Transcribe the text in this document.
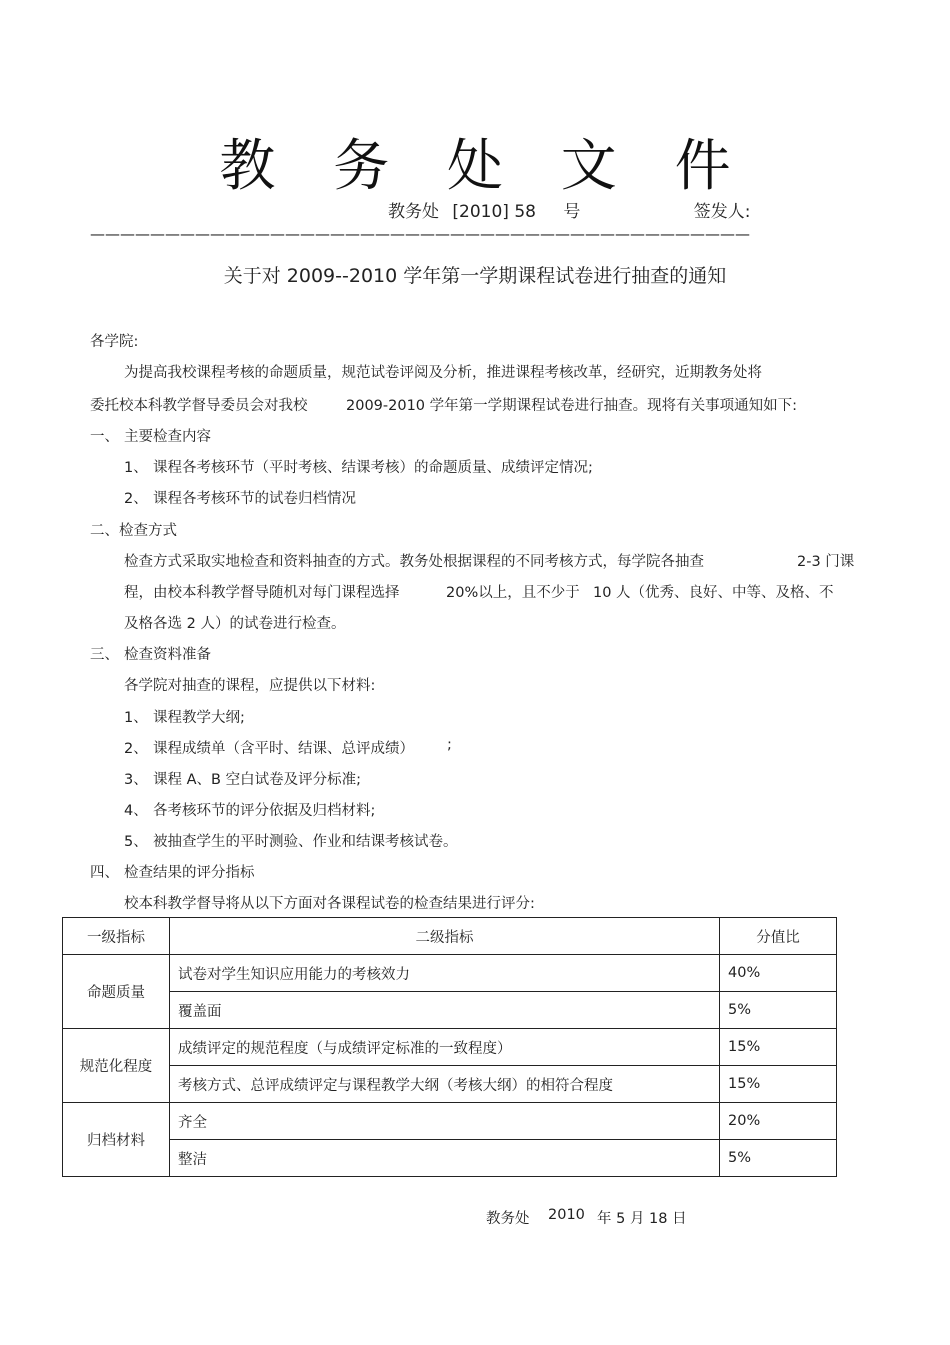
教 务 处 文 件
教务处 [2010] 58 号	签发人:
————————————————————————————————————————————
关于对 2009--2010 学年第一学期课程试卷进行抽查的通知
各学院:
为提高我校课程考核的命题质量，规范试卷评阅及分析，推进课程考核改革，经研究，近期教务处将
委托校本科教学督导委员会对我校	2009-2010 学年第一学期课程试卷进行抽查。现将有关事项通知如下:
一、 主要检查内容
1、 课程各考核环节（平时考核、结课考核）的命题质量、成绩评定情况;
2、 课程各考核环节的试卷归档情况
二、检查方式
检查方式采取实地检查和资料抽查的方式。教务处根据课程的不同考核方式，每学院各抽查	2-3 门课
程，由校本科教学督导随机对每门课程选择	20%以上，且不少于 10 人（优秀、良好、中等、及格、不
及格各选 2 人）的试卷进行检查。
三、 检查资料准备
各学院对抽查的课程，应提供以下材料:
1、 课程教学大纲;
2、 课程成绩单（含平时、结课、总评成绩） ;
3、 课程 A、B 空白试卷及评分标准;
4、 各考核环节的评分依据及归档材料;
5、 被抽查学生的平时测验、作业和结课考核试卷。
四、 检查结果的评分指标
校本科教学督导将从以下方面对各课程试卷的检查结果进行评分:
一级指标	二级指标	分值比
命题质量	试卷对学生知识应用能力的考核效力	40%
	覆盖面	5%
规范化程度	成绩评定的规范程度（与成绩评定标准的一致程度）	15%
	考核方式、总评成绩评定与课程教学大纲（考核大纲）的相符合程度	15%
归档材料	齐全	20%
	整洁	5%
教务处 2010 年 5 月 18 日
